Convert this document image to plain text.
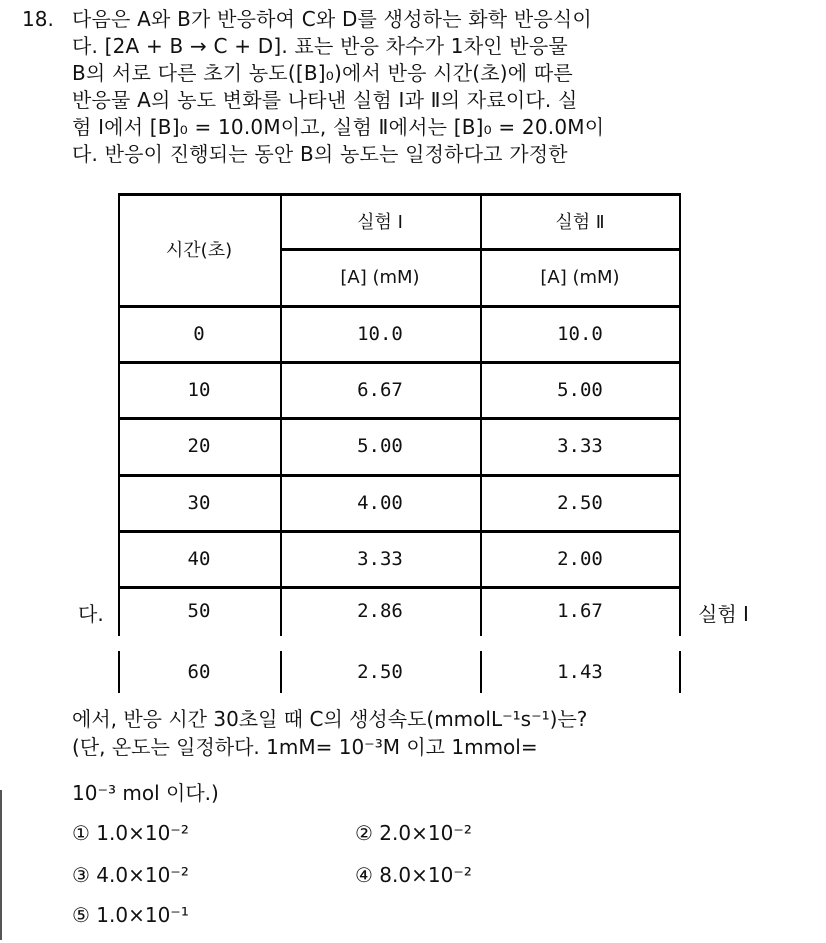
18. 다음은 A와 B가 반응하여 C와 D를 생성하는 화학 반응식이
다. [2A + B → C + D]. 표는 반응 차수가 1차인 반응물
B의 서로 다른 초기 농도([B]₀)에서 반응 시간(초)에 따른
반응물 A의 농도 변화를 나타낸 실험 Ⅰ과 Ⅱ의 자료이다. 실
험 Ⅰ에서 [B]₀ = 10.0M이고, 실험 Ⅱ에서는 [B]₀ = 20.0M이
다. 반응이 진행되는 동안 B의 농도는 일정하다고 가정한
시간(초)
실험 Ⅰ	실험 Ⅱ
[A] (mM)	[A] (mM)
0	10.0	10.0
10	6.67	5.00
20	5.00	3.33
30	4.00	2.50
40	3.33	2.00
50	2.86	1.67
60	2.50	1.43
다.	실험 Ⅰ
에서, 반응 시간 30초일 때 C의 생성속도(mmolL⁻¹s⁻¹)는?
(단, 온도는 일정하다. 1mM= 10⁻³M 이고 1mmol=
10⁻³ mol 이다.)
① 1.0×10⁻²	② 2.0×10⁻²
③ 4.0×10⁻²	④ 8.0×10⁻²
⑤ 1.0×10⁻¹
